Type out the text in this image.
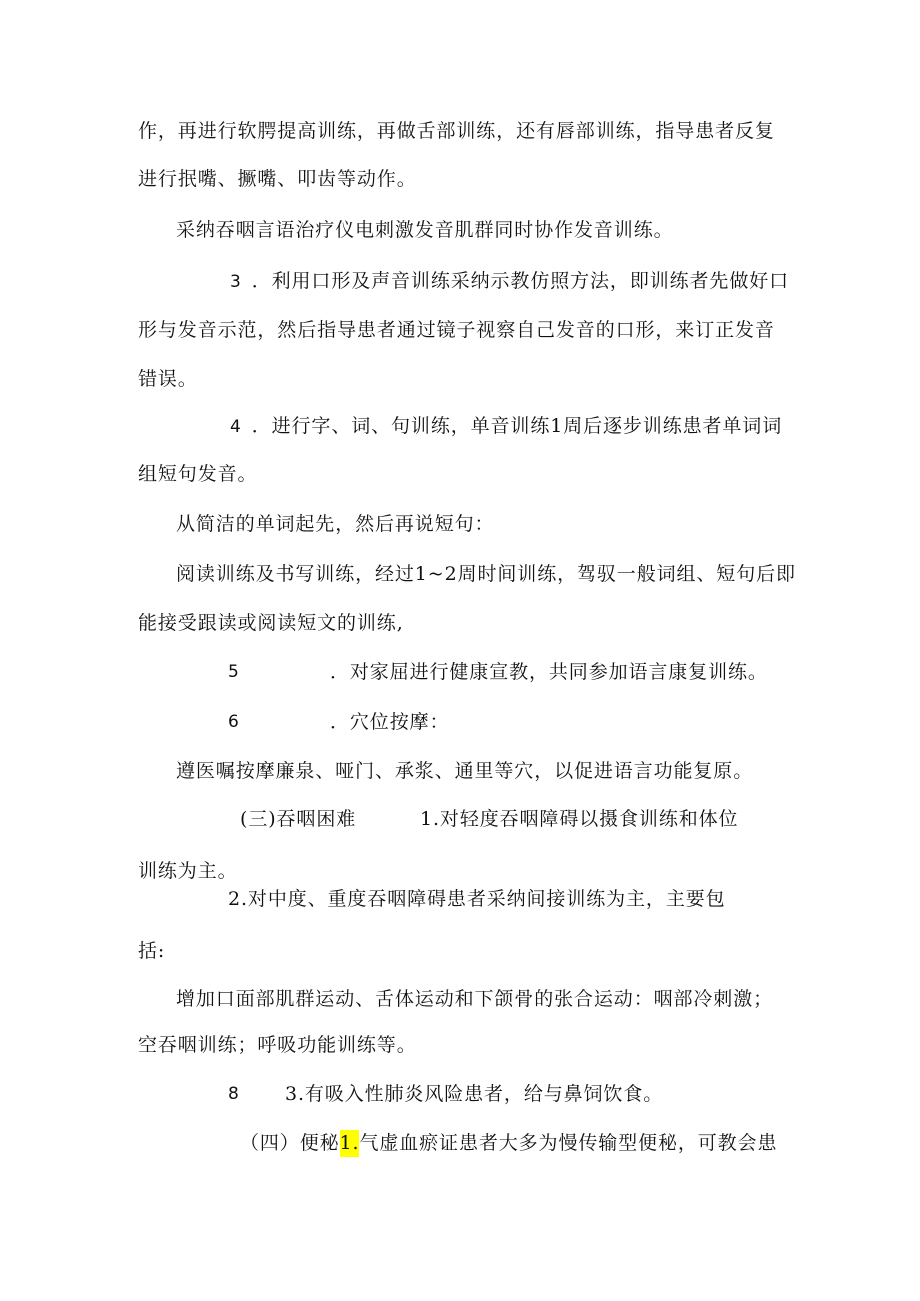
作，再进行软腭提高训练，再做舌部训练，还有唇部训练，指导患者反复
进行抿嘴、撅嘴、叩齿等动作。
采纳吞咽言语治疗仪电刺激发音肌群同时协作发音训练。
3 ．利用口形及声音训练采纳示教仿照方法，即训练者先做好口
形与发音示范，然后指导患者通过镜子视察自己发音的口形，来订正发音
错误。
4 ．进行字、词、句训练，单音训练1周后逐步训练患者单词词
组短句发音。
从简洁的单词起先，然后再说短句：
阅读训练及书写训练，经过1~2周时间训练，驾驭一般词组、短句后即
能接受跟读或阅读短文的训练,
5	．对家屈进行健康宣教，共同参加语言康复训练。
6	．穴位按摩：
遵医嘱按摩廉泉、哑门、承浆、通里等穴，以促进语言功能复原。
(三)吞咽困难	1.对轻度吞咽障碍以摄食训练和体位
训练为主。
2.对中度、重度吞咽障碍患者采纳间接训练为主，主要包
括:
增加口面部肌群运动、舌体运动和下颌骨的张合运动：咽部冷刺激；
空吞咽训练；呼吸功能训练等。
8 3.有吸入性肺炎风险患者，给与鼻饲饮食。
（四）便秘1.气虚血瘀证患者大多为慢传输型便秘，可教会患
